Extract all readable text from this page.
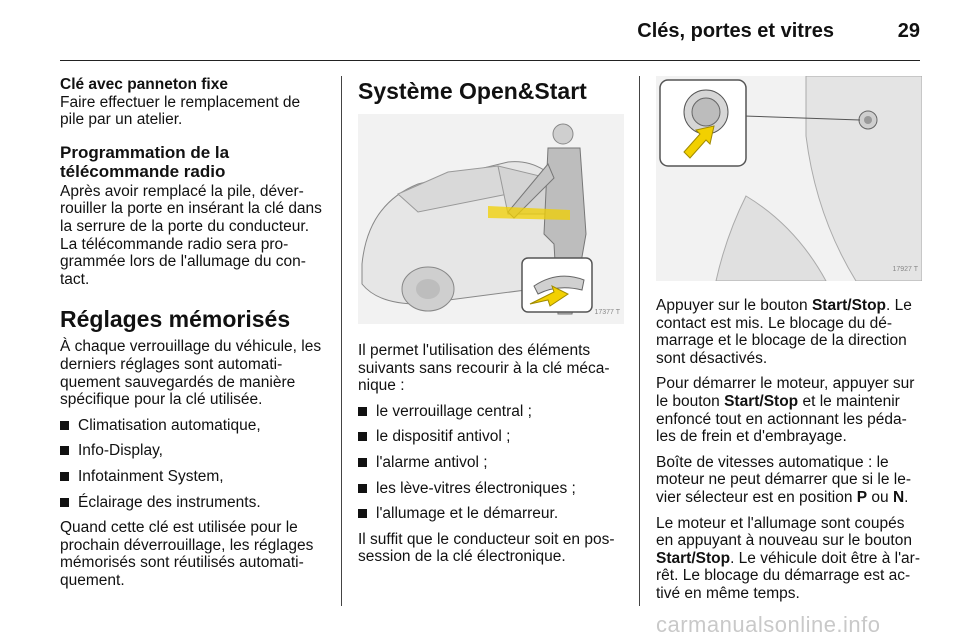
Clés, portes et vitres	29

Clé avec panneton fixe

Faire effectuer le remplacement de pile par un atelier.

Programmation de la télécommande radio

Après avoir remplacé la pile, déver-rouiller la porte en insérant la clé dans la serrure de la porte du conducteur. La télécommande radio sera pro-grammée lors de l'allumage du con-tact.

Réglages mémorisés

À chaque verrouillage du véhicule, les derniers réglages sont automati-quement sauvegardés de manière spécifique pour la clé utilisée.

Climatisation automatique,
Info-Display,
Infotainment System,
Éclairage des instruments.

Quand cette clé est utilisée pour le prochain déverrouillage, les réglages mémorisés sont réutilisés automati-quement.

Système Open&Start
17377 T

Il permet l'utilisation des éléments suivants sans recourir à la clé méca-nique :

le verrouillage central ;
le dispositif antivol ;
l'alarme antivol ;
les lève-vitres électroniques ;
l'allumage et le démarreur.

Il suffit que le conducteur soit en pos-session de la clé électronique.

17927 T

Appuyer sur le bouton Start/Stop. Le contact est mis. Le blocage du dé-marrage et le blocage de la direction sont désactivés.

Pour démarrer le moteur, appuyer sur le bouton Start/Stop et le maintenir enfoncé tout en actionnant les péda-les de frein et d'embrayage.

Boîte de vitesses automatique : le moteur ne peut démarrer que si le le-vier sélecteur est en position P ou N.

Le moteur et l'allumage sont coupés en appuyant à nouveau sur le bouton Start/Stop. Le véhicule doit être à l'ar-rêt. Le blocage du démarrage est ac-tivé en même temps.

carmanualsonline.info
